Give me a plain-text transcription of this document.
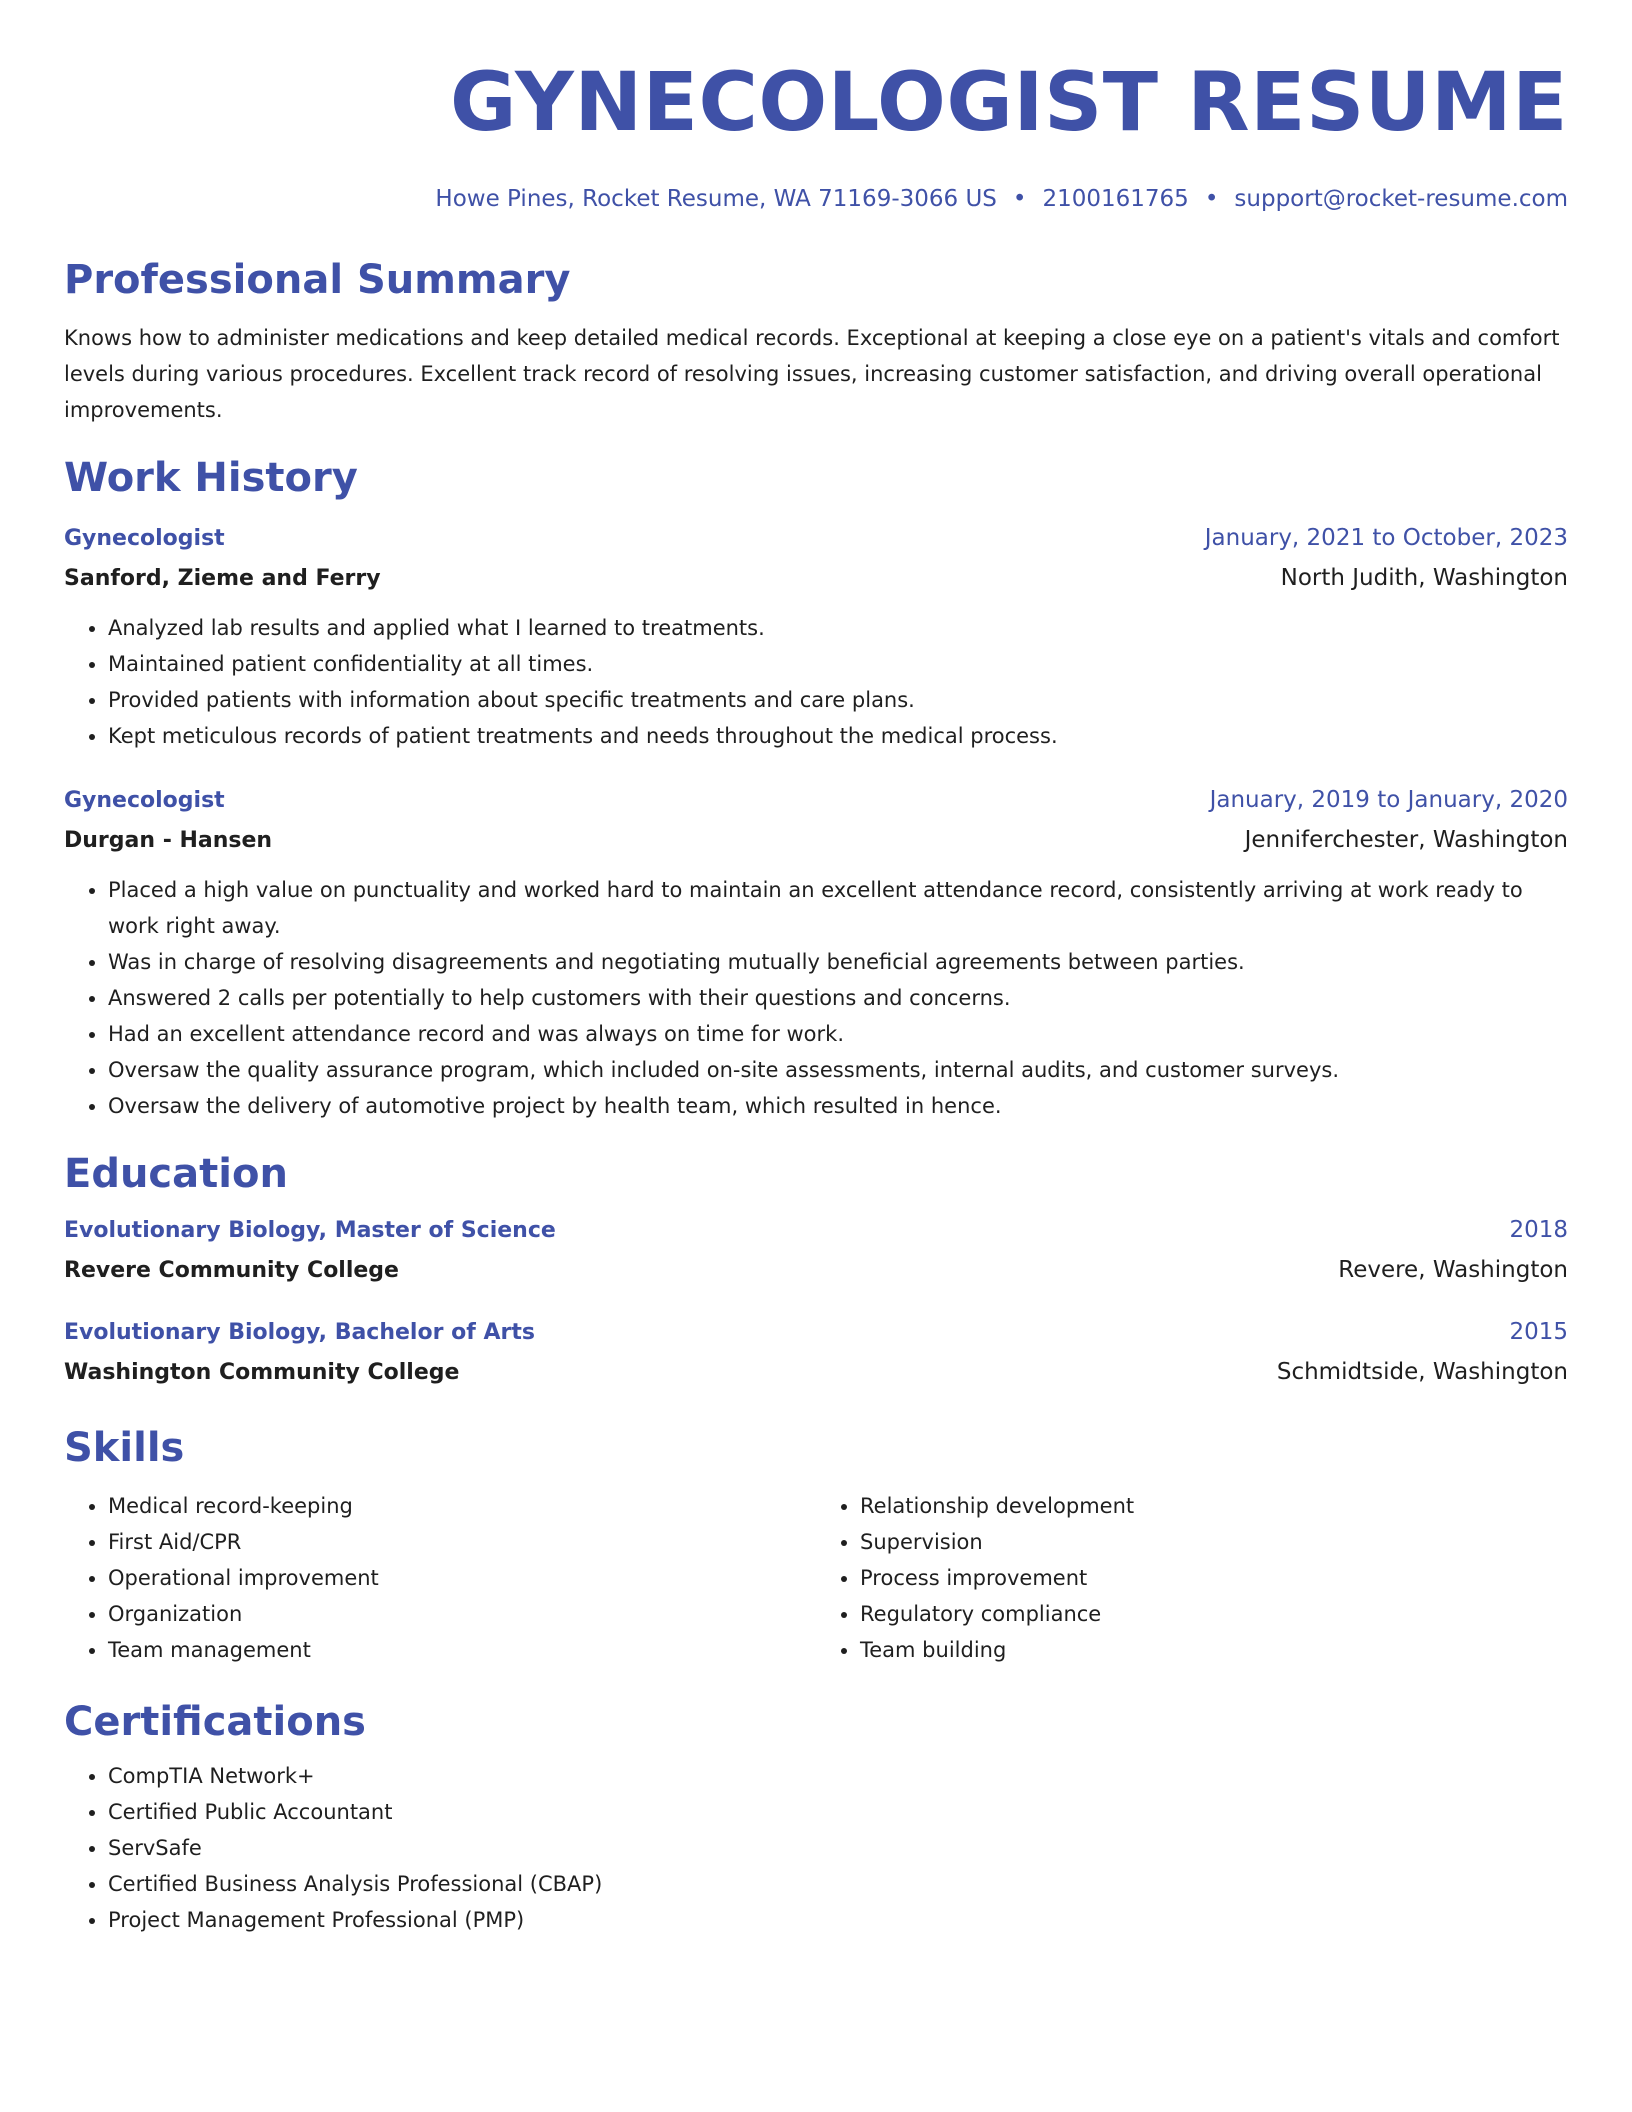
GYNECOLOGIST RESUME
Howe Pines, Rocket Resume, WA 71169-3066 US • 2100161765 • support@rocket-resume.com
Professional Summary
Knows how to administer medications and keep detailed medical records. Exceptional at keeping a close eye on a patient's vitals and comfort levels during various procedures. Excellent track record of resolving issues, increasing customer satisfaction, and driving overall operational improvements.
Work History
Gynecologist	January, 2021 to October, 2023
Sanford, Zieme and Ferry	North Judith, Washington
• Analyzed lab results and applied what I learned to treatments.
• Maintained patient confidentiality at all times.
• Provided patients with information about specific treatments and care plans.
• Kept meticulous records of patient treatments and needs throughout the medical process.
Gynecologist	January, 2019 to January, 2020
Durgan - Hansen	Jenniferchester, Washington
• Placed a high value on punctuality and worked hard to maintain an excellent attendance record, consistently arriving at work ready to work right away.
• Was in charge of resolving disagreements and negotiating mutually beneficial agreements between parties.
• Answered 2 calls per potentially to help customers with their questions and concerns.
• Had an excellent attendance record and was always on time for work.
• Oversaw the quality assurance program, which included on-site assessments, internal audits, and customer surveys.
• Oversaw the delivery of automotive project by health team, which resulted in hence.
Education
Evolutionary Biology, Master of Science	2018
Revere Community College	Revere, Washington
Evolutionary Biology, Bachelor of Arts	2015
Washington Community College	Schmidtside, Washington
Skills
• Medical record-keeping
• First Aid/CPR
• Operational improvement
• Organization
• Team management
• Relationship development
• Supervision
• Process improvement
• Regulatory compliance
• Team building
Certifications
• CompTIA Network+
• Certified Public Accountant
• ServSafe
• Certified Business Analysis Professional (CBAP)
• Project Management Professional (PMP)
